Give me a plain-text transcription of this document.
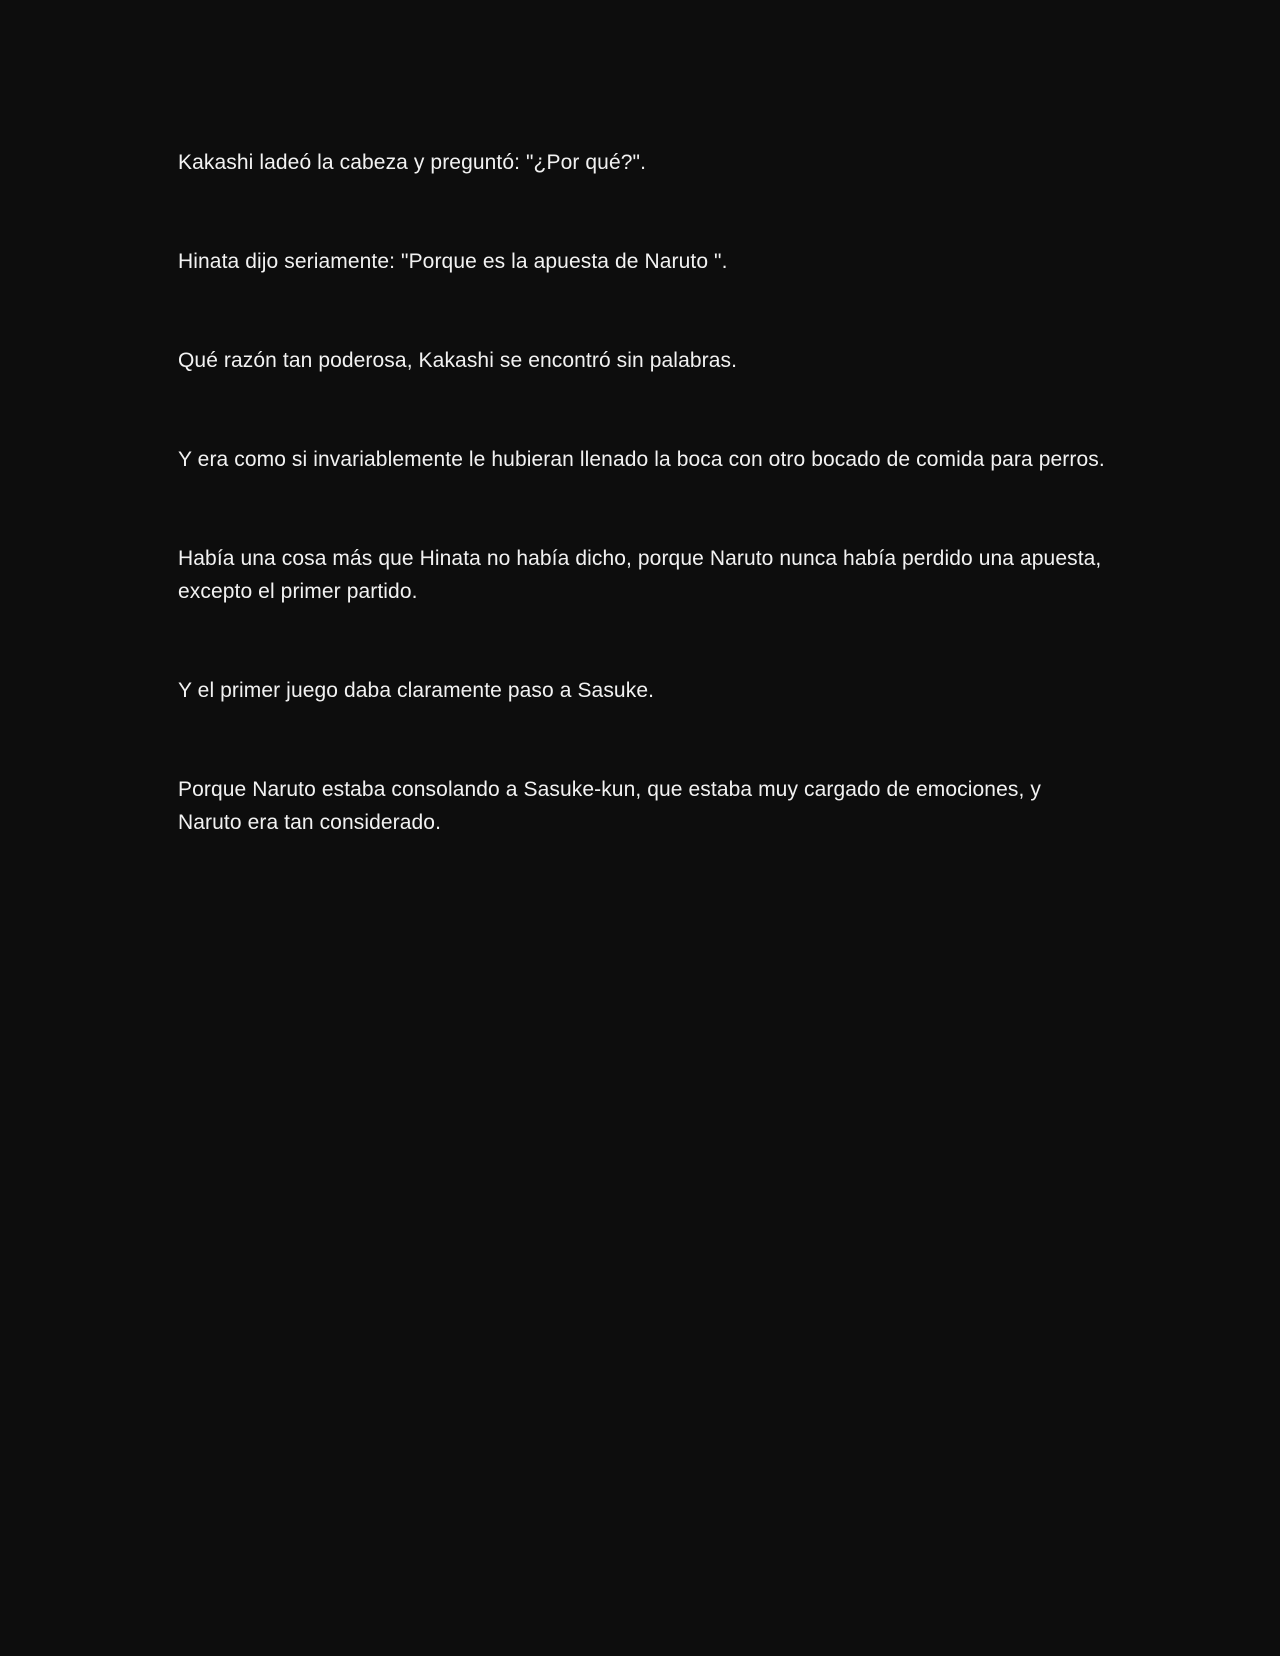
Kakashi ladeó la cabeza y preguntó: "¿Por qué?".

Hinata dijo seriamente: "Porque es la apuesta de Naruto ".

Qué razón tan poderosa, Kakashi se encontró sin palabras.

Y era como si invariablemente le hubieran llenado la boca con otro bocado de comida para perros.

Había una cosa más que Hinata no había dicho, porque Naruto nunca había perdido una apuesta, excepto el primer partido.

Y el primer juego daba claramente paso a Sasuke.

Porque Naruto estaba consolando a Sasuke-kun, que estaba muy cargado de emociones, y Naruto era tan considerado.
